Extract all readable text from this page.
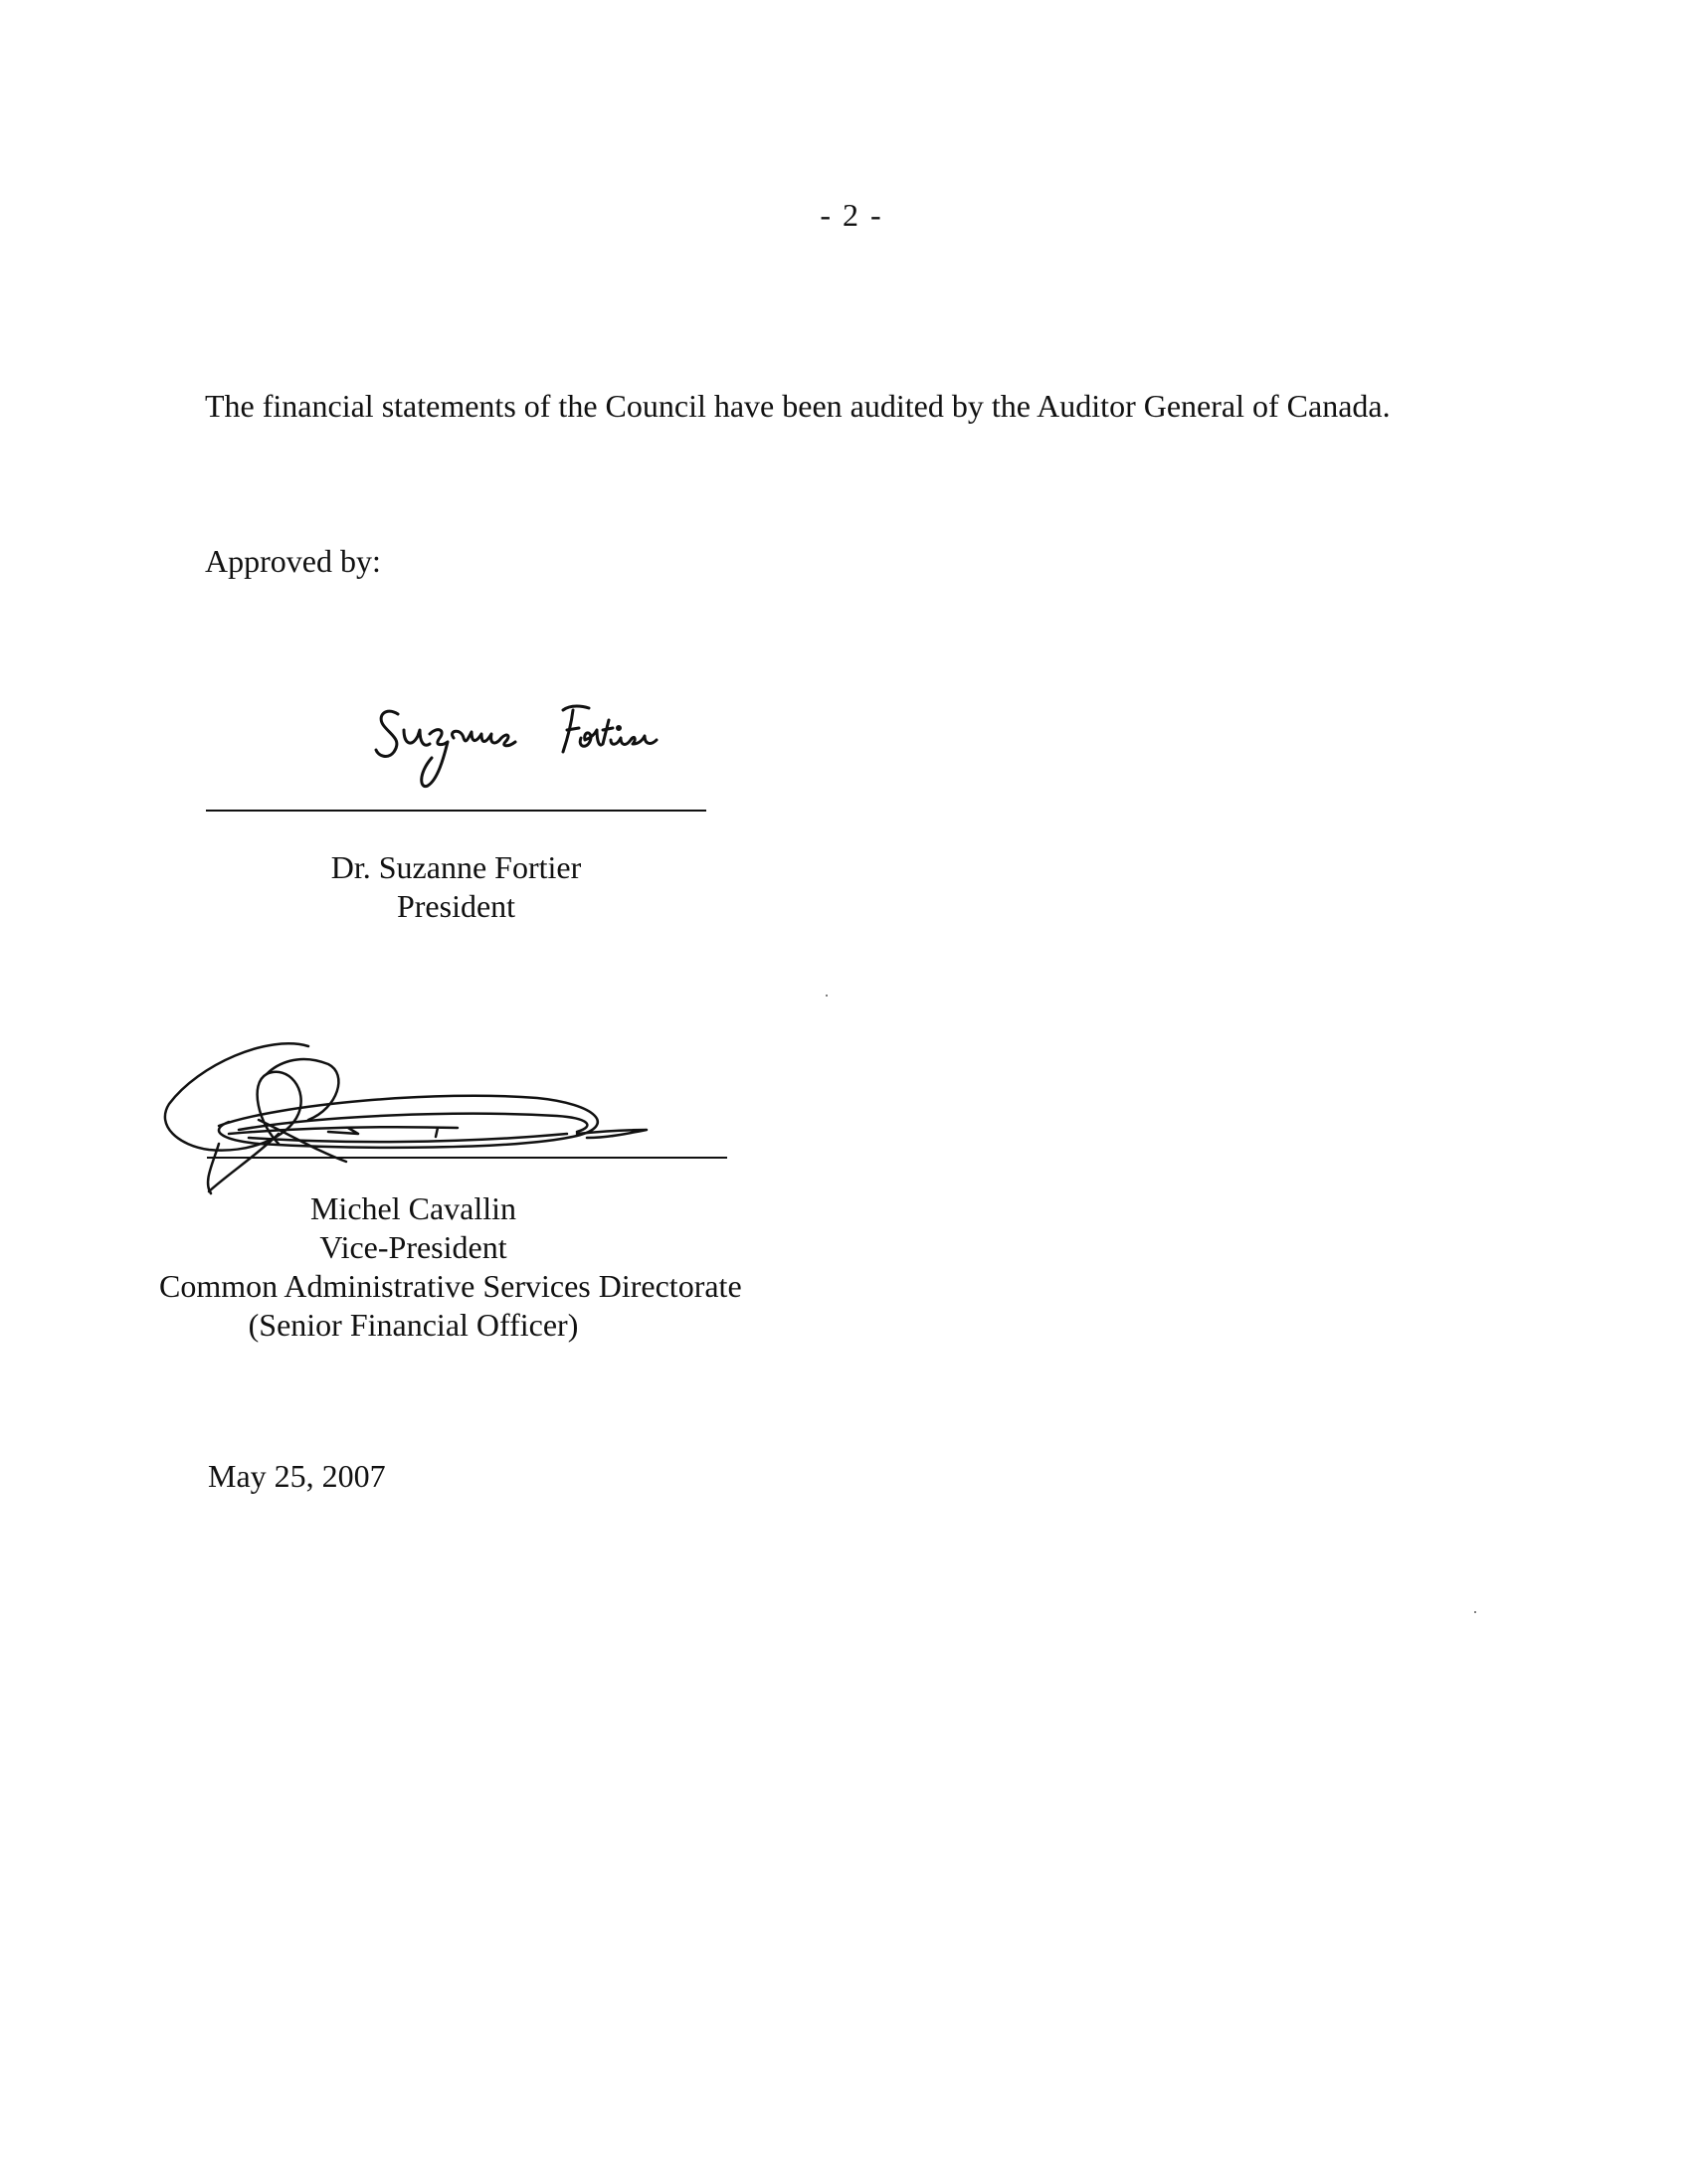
- 2 -
The financial statements of the Council have been audited by the Auditor General of Canada.
Approved by:
Dr. Suzanne Fortier
President
Michel Cavallin
Vice-President
Common Administrative Services Directorate
(Senior Financial Officer)
May 25, 2007
